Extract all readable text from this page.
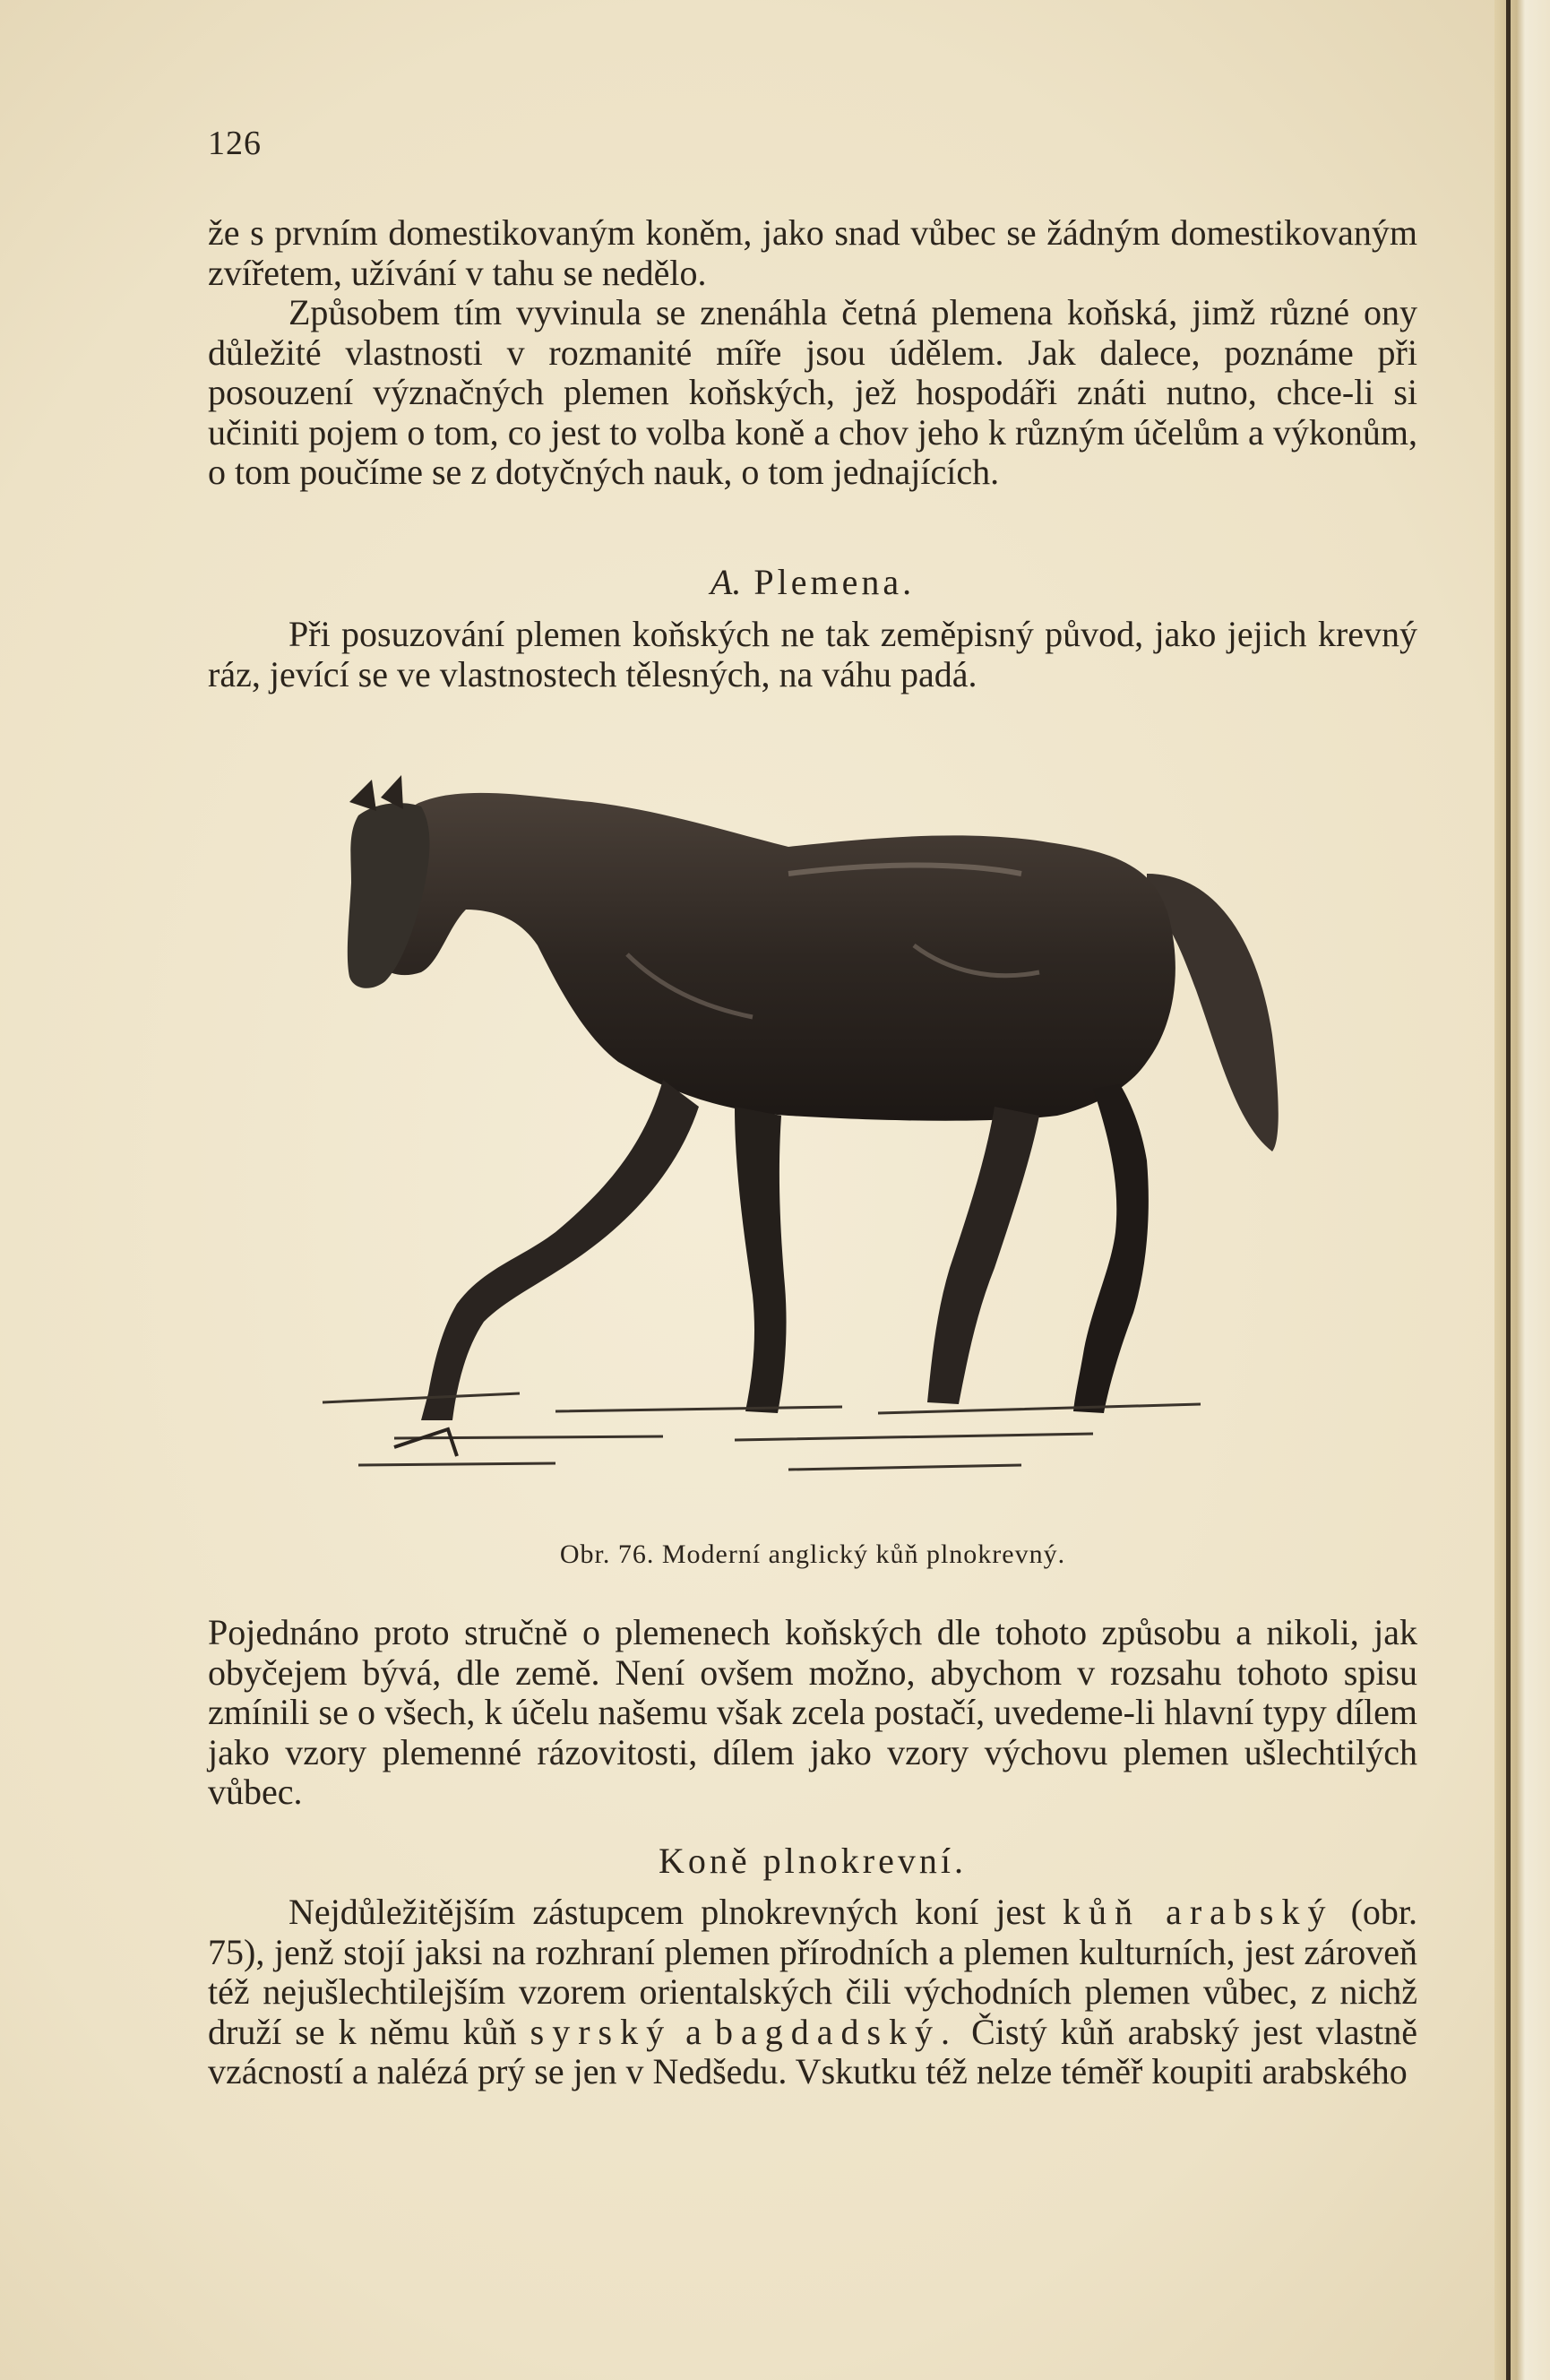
126

že s prvním domestikovaným koněm, jako snad vůbec se žádným domestikovaným zvířetem, užívání v tahu se nedělo.

Způsobem tím vyvinula se znenáhla četná plemena koňská, jimž různé ony důležité vlastnosti v rozmanité míře jsou údělem. Jak dalece, poznáme při posouzení význačných plemen koňských, jež hospodáři znáti nutno, chce-li si učiniti pojem o tom, co jest to volba koně a chov jeho k různým účelům a výkonům, o tom poučíme se z dotyčných nauk, o tom jednajících.

A. Plemena.

Při posuzování plemen koňských ne tak zeměpisný původ, jako jejich krevný ráz, jevící se ve vlastnostech tělesných, na váhu padá.

Obr. 76. Moderní anglický kůň plnokrevný.

Pojednáno proto stručně o plemenech koňských dle tohoto způsobu a nikoli, jak obyčejem bývá, dle země. Není ovšem možno, abychom v rozsahu tohoto spisu zmínili se o všech, k účelu našemu však zcela postačí, uvedeme-li hlavní typy dílem jako vzory plemenné rázovitosti, dílem jako vzory výchovu plemen ušlechtilých vůbec.

Koně plnokrevní.

Nejdůležitějším zástupcem plnokrevných koní jest kůň arabský (obr. 75), jenž stojí jaksi na rozhraní plemen přírodních a plemen kulturních, jest zároveň též nejušlechtilejším vzorem orientalských čili východních plemen vůbec, z nichž druží se k němu kůň syrský a bagdadský. Čistý kůň arabský jest vlastně vzácností a nalézá prý se jen v Nedšedu. Vskutku též nelze téměř koupiti arabského
